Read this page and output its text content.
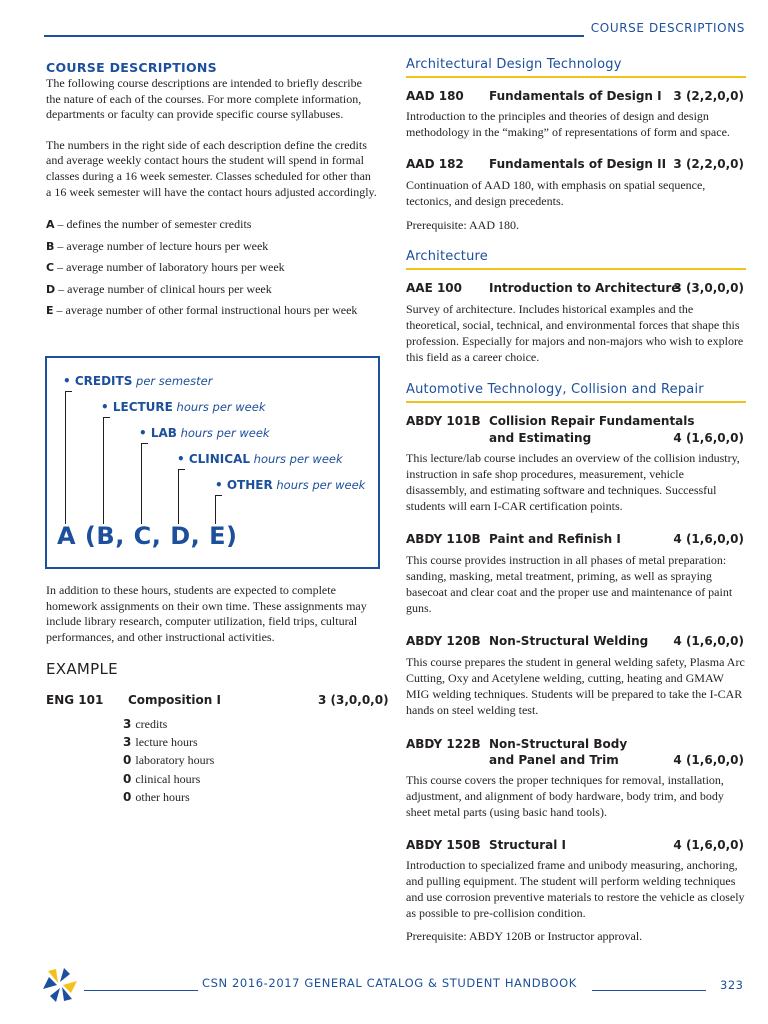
COURSE DESCRIPTIONS

COURSE DESCRIPTIONS

The following course descriptions are intended to briefly describe the nature of each of the courses. For more complete information, departments or faculty can provide specific course syllabuses.

The numbers in the right side of each description define the credits and average weekly contact hours the student will spend in formal classes during a 16 week semester. Classes scheduled for other than a 16 week semester will have the contact hours adjusted accordingly.

A – defines the number of semester credits
B – average number of lecture hours per week
C – average number of laboratory hours per week
D – average number of clinical hours per week
E – average number of other formal instructional hours per week
• CREDITS per semester
• LECTURE hours per week
• LAB hours per week
• CLINICAL hours per week
• OTHER hours per week
A (B, C, D, E)

In addition to these hours, students are expected to complete homework assignments on their own time. These assignments may include library research, computer utilization, field trips, cultural performances, and other instructional activities.

EXAMPLE
ENG 101 Composition I	3 (3,0,0,0)
3 credits
3 lecture hours
0 laboratory hours
0 clinical hours
0 other hours
Architectural Design Technology
AAD 180 Fundamentals of Design I 3 (2,2,0,0)

Introduction to the principles and theories of design and design methodology in the “making” of representations of form and space.

AAD 182 Fundamentals of Design II 3 (2,2,0,0)

Continuation of AAD 180, with emphasis on spatial sequence, tectonics, and design precedents.

Prerequisite: AAD 180.

Architecture
AAE 100 Introduction to Architecture
3 (3,0,0,0)

Survey of architecture. Includes historical examples and the theoretical, social, technical, and environmental forces that shape this profession. Especially for majors and non-majors who wish to explore this field as a career choice.

Automotive Technology, Collision and Repair
ABDY 101B Collision Repair Fundamentals
and Estimating	4 (1,6,0,0)

This lecture/lab course includes an overview of the collision industry, instruction in safe shop procedures, measurement, vehicle disassembly, and estimating software and techniques. Successful students will earn I-CAR certification points.

ABDY 110B Paint and Refinish I	4 (1,6,0,0)

This course provides instruction in all phases of metal preparation: sanding, masking, metal treatment, priming, as well as spraying basecoat and clear coat and the proper use and maintenance of paint guns.

ABDY 120B Non-Structural Welding 4 (1,6,0,0)

This course prepares the student in general welding safety, Plasma Arc Cutting, Oxy and Acetylene welding, cutting, heating and GMAW MIG welding techniques. Students will be prepared to take the I-CAR hands on steel welding test.

ABDY 122B Non-Structural Body
and Panel and Trim	4 (1,6,0,0)

This course covers the proper techniques for removal, installation, adjustment, and alignment of body hardware, body trim, and body sheet metal parts (using basic hand tools).

ABDY 150B Structural I	4 (1,6,0,0)

Introduction to specialized frame and unibody measuring, anchoring, and pulling equipment. The student will perform welding techniques and use corrosion preventive materials to restore the vehicle as closely as possible to pre-collision condition.

Prerequisite: ABDY 120B or Instructor approval.

CSN 2016-2017 GENERAL CATALOG & STUDENT HANDBOOK	323
